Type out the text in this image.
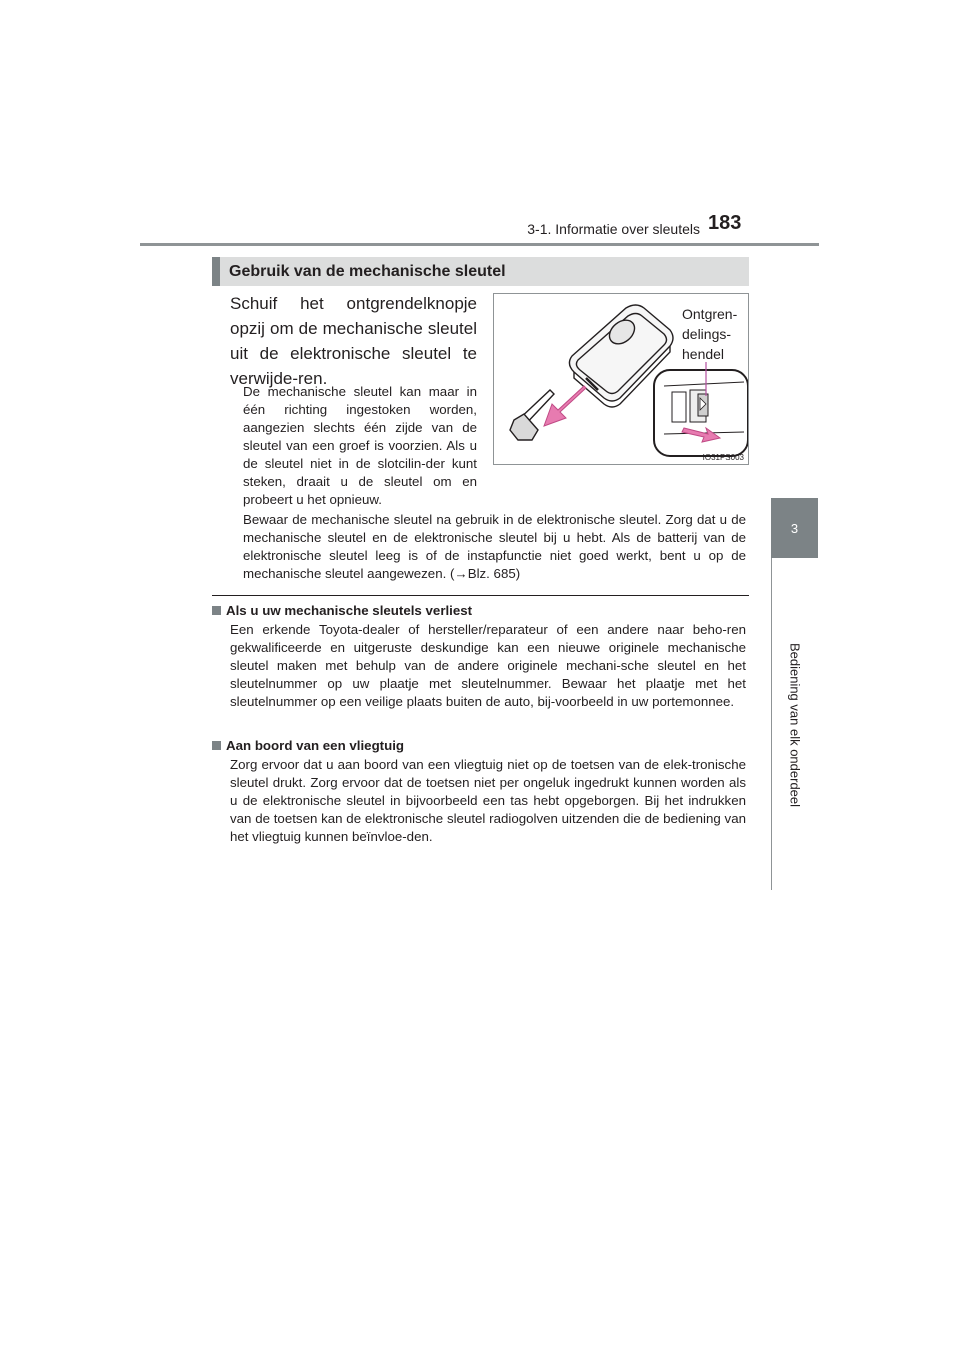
3-1. Informatie over sleutels 183
3
Bediening van elk onderdeel
Gebruik van de mechanische sleutel
Schuif het ontgrendelknopje opzij om de mechanische sleutel uit de elektronische sleutel te verwijde-ren.
De mechanische sleutel kan maar in één richting ingestoken worden, aangezien slechts één zijde van de sleutel van een groef is voorzien. Als u de sleutel niet in de slotcilin-der kunt steken, draait u de sleutel om en probeert u het opnieuw.
Bewaar de mechanische sleutel na gebruik in de elektronische sleutel. Zorg dat u de mechanische sleutel en de elektronische sleutel bij u hebt. Als de batterij van de elektronische sleutel leeg is of de instapfunctie niet goed werkt, bent u op de mechanische sleutel aangewezen. (→Blz. 685)
Ontgren-
delings-
hendel
IO31PS003
Als u uw mechanische sleutels verliest
Een erkende Toyota-dealer of hersteller/reparateur of een andere naar beho-ren gekwalificeerde en uitgeruste deskundige kan een nieuwe originele mechanische sleutel maken met behulp van de andere originele mechani-sche sleutel en het sleutelnummer op uw plaatje met sleutelnummer. Bewaar het plaatje met het sleutelnummer op een veilige plaats buiten de auto, bij-voorbeeld in uw portemonnee.
Aan boord van een vliegtuig
Zorg ervoor dat u aan boord van een vliegtuig niet op de toetsen van de elek-tronische sleutel drukt. Zorg ervoor dat de toetsen niet per ongeluk ingedrukt kunnen worden als u de elektronische sleutel in bijvoorbeeld een tas hebt opgeborgen. Bij het indrukken van de toetsen kan de elektronische sleutel radiogolven uitzenden die de bediening van het vliegtuig kunnen beïnvloe-den.
